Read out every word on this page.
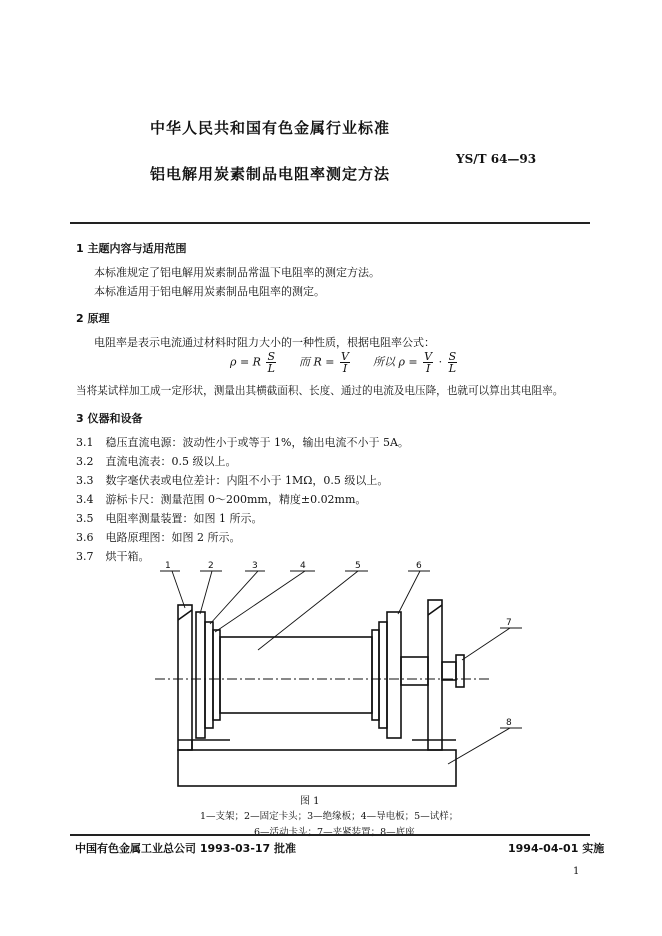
中华人民共和国有色金属行业标准
铝电解用炭素制品电阻率测定方法
YS/T 64—93
1 主题内容与适用范围
本标准规定了铝电解用炭素制品常温下电阻率的测定方法。
本标准适用于铝电解用炭素制品电阻率的测定。
2 原理
电阻率是表示电流通过材料时阻力大小的一种性质，根据电阻率公式：
ρ = R $\frac{S}{L}$ 而 $R = \frac{V}{I}$ 所以 $\rho = \frac{V}{I} \cdot \frac{S}{L}$
当将某试样加工成一定形状，测量出其横截面积、长度、通过的电流及电压降，也就可以算出其电阻率。
3 仪器和设备
3.1 稳压直流电源：波动性小于或等于 1%，输出电流不小于 5A。
3.2 直流电流表：0.5 级以上。
3.3 数字毫伏表或电位差计：内阻不小于 1MΩ，0.5 级以上。
3.4 游标卡尺：测量范围 0～200mm，精度±0.02mm。
3.5 电阻率测量装置：如图 1 所示。
3.6 电路原理图：如图 2 所示。
3.7 烘干箱。
1	2	3	4	5	6
7
8
图 1
1—支架；2—固定卡头；3—绝缘板；4—导电板；5—试样；
6—活动卡头；7—夹紧装置；8—底座
中国有色金属工业总公司 1993-03-17 批准	1994-04-01 实施
1
